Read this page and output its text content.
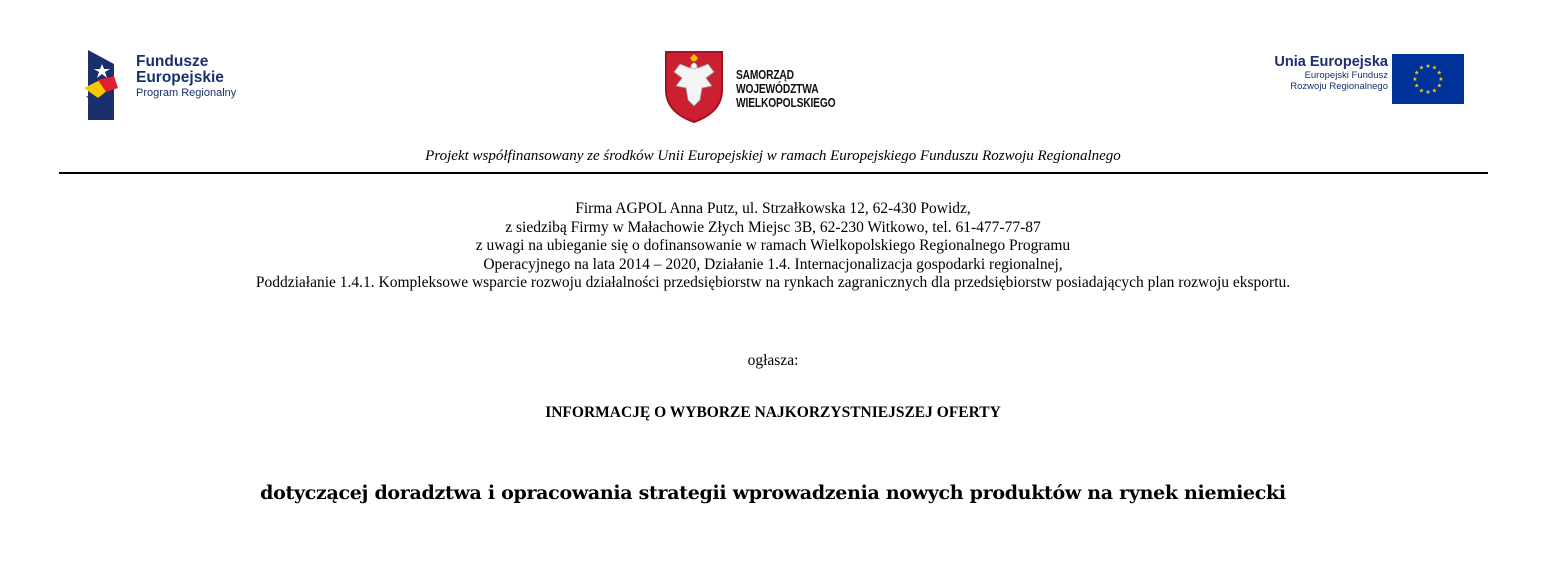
Fundusze
Europejskie
Program Regionalny
SAMORZĄD WOJEWÓDZTWA
WIELKOPOLSKIEGO
Unia Europejska
Europejski Fundusz
Rozwoju Regionalnego
★ ★
★
★
★
★
★
★
★
★
★
★
Projekt współfinansowany ze środków Unii Europejskiej w ramach Europejskiego Funduszu Rozwoju Regionalnego
Firma AGPOL Anna Putz, ul. Strzałkowska 12, 62-430 Powidz,
z siedzibą Firmy w Małachowie Złych Miejsc 3B, 62-230 Witkowo, tel. 61-477-77-87
z uwagi na ubieganie się o dofinansowanie w ramach Wielkopolskiego Regionalnego Programu
Operacyjnego na lata 2014 – 2020, Działanie 1.4. Internacjonalizacja gospodarki regionalnej,
Poddziałanie 1.4.1. Kompleksowe wsparcie rozwoju działalności przedsiębiorstw na rynkach zagranicznych dla przedsiębiorstw posiadających plan rozwoju eksportu.
ogłasza:
INFORMACJĘ O WYBORZE NAJKORZYSTNIEJSZEJ OFERTY
dotyczącej doradztwa i opracowania strategii wprowadzenia nowych produktów na rynek niemiecki
